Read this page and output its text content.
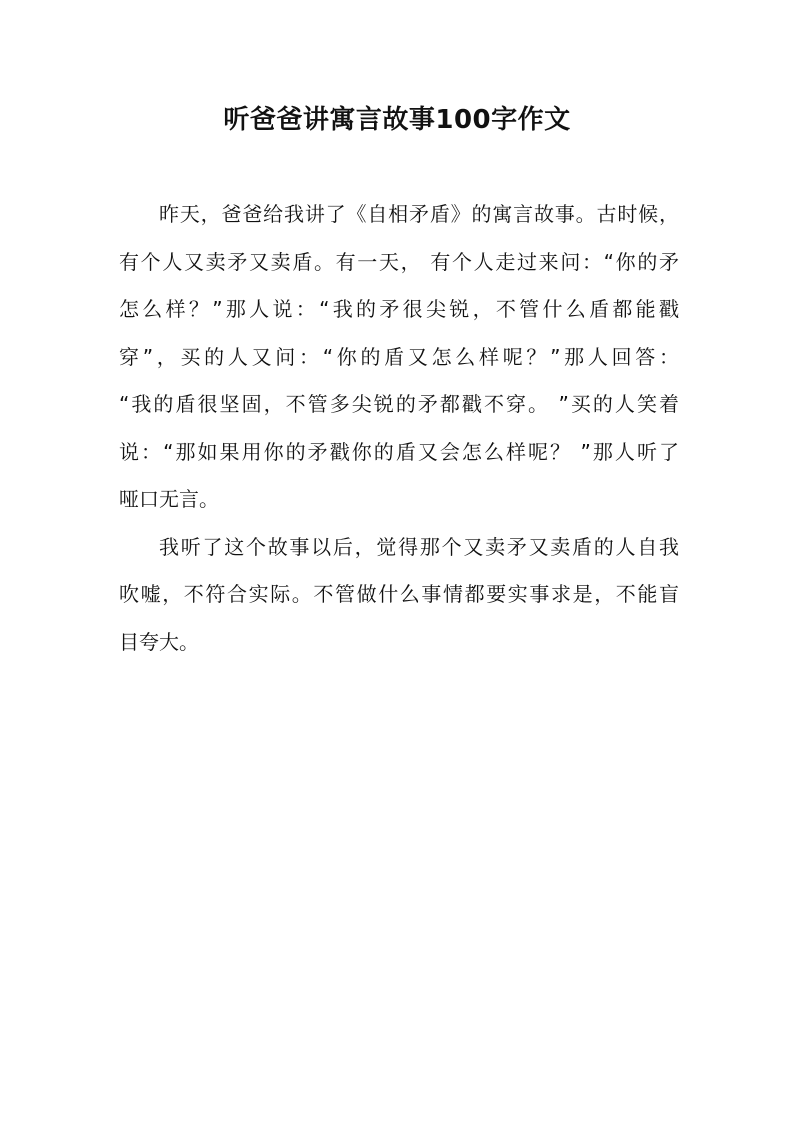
听爸爸讲寓言故事100字作文
昨天，爸爸给我讲了《自相矛盾》的寓言故事。古时候，
有个人又卖矛又卖盾。有一天， 有个人走过来问：“你的矛
怎么样？”那人说：“我的矛很尖锐，不管什么盾都能戳
穿”，买的人又问：“你的盾又怎么样呢？”那人回答：
“我的盾很坚固，不管多尖锐的矛都戳不穿。 ”买的人笑着
说：“那如果用你的矛戳你的盾又会怎么样呢？ ”那人听了
哑口无言。
我听了这个故事以后，觉得那个又卖矛又卖盾的人自我
吹嘘，不符合实际。不管做什么事情都要实事求是，不能盲
目夸大。
